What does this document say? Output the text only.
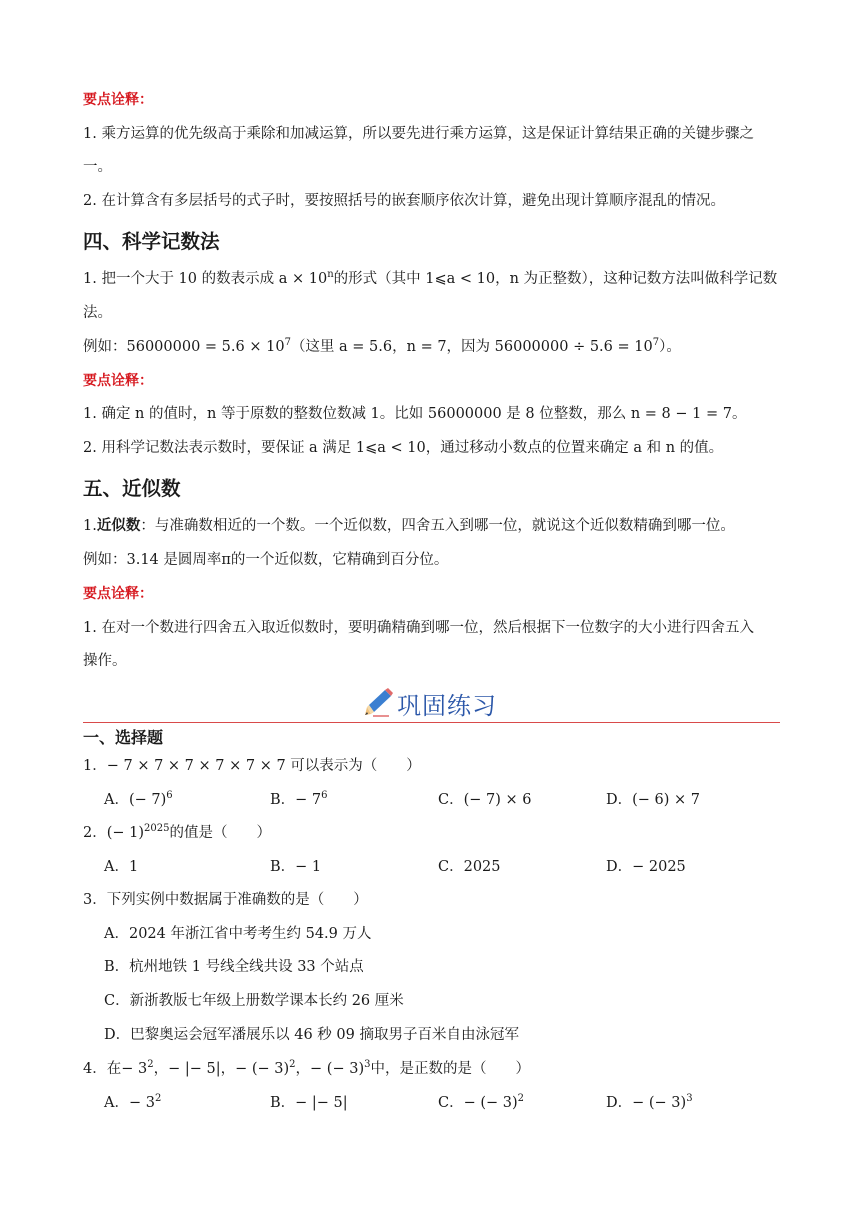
要点诠释：
1. 乘方运算的优先级高于乘除和加减运算，所以要先进行乘方运算，这是保证计算结果正确的关键步骤之
一。
2. 在计算含有多层括号的式子时，要按照括号的嵌套顺序依次计算，避免出现计算顺序混乱的情况。
四、科学记数法
1. 把一个大于 10 的数表示成 $a \times 10^n$的形式（其中 1⩽a < 10，n 为正整数），这种记数方法叫做科学记数
法。
例如：$56000000 = 5.6 \times 10^7$（这里 a = 5.6，n = 7，因为 $56000000 \div 5.6 = 10^7$）。
要点诠释：
1. 确定 n 的值时，n 等于原数的整数位数减 1。比如 56000000 是 8 位整数，那么 n = 8 − 1 = 7。
2. 用科学记数法表示数时，要保证 a 满足 1⩽a < 10，通过移动小数点的位置来确定 a 和 n 的值。
五、近似数
1.近似数：与准确数相近的一个数。一个近似数，四舍五入到哪一位，就说这个近似数精确到哪一位。
例如：3.14 是圆周率π的一个近似数，它精确到百分位。
要点诠释：
1. 在对一个数进行四舍五入取近似数时，要明确精确到哪一位，然后根据下一位数字的大小进行四舍五入
操作。
巩固练习
一、选择题
1．− 7 × 7 × 7 × 7 × 7 × 7 可以表示为（　　）
A．(− 7)$^6$	B．− $7^6$	C．(− 7) × 6	D．(− 6) × 7
2．(− 1)$^{2025}$的值是（　　）
A．1	B．− 1	C．2025	D．− 2025
3．下列实例中数据属于准确数的是（　　）
A．2024 年浙江省中考考生约 54.9 万人
B．杭州地铁 1 号线全线共设 33 个站点
C．新浙教版七年级上册数学课本长约 26 厘米
D．巴黎奥运会冠军潘展乐以 46 秒 09 摘取男子百米自由泳冠军
4．在− $3^2$，− |− 5|，− (− 3)$^2$，− (− 3)$^3$中，是正数的是（　　）
A．− $3^2$	B．− |− 5|	C．− (− 3)$^2$	D．− (− 3)$^3$
